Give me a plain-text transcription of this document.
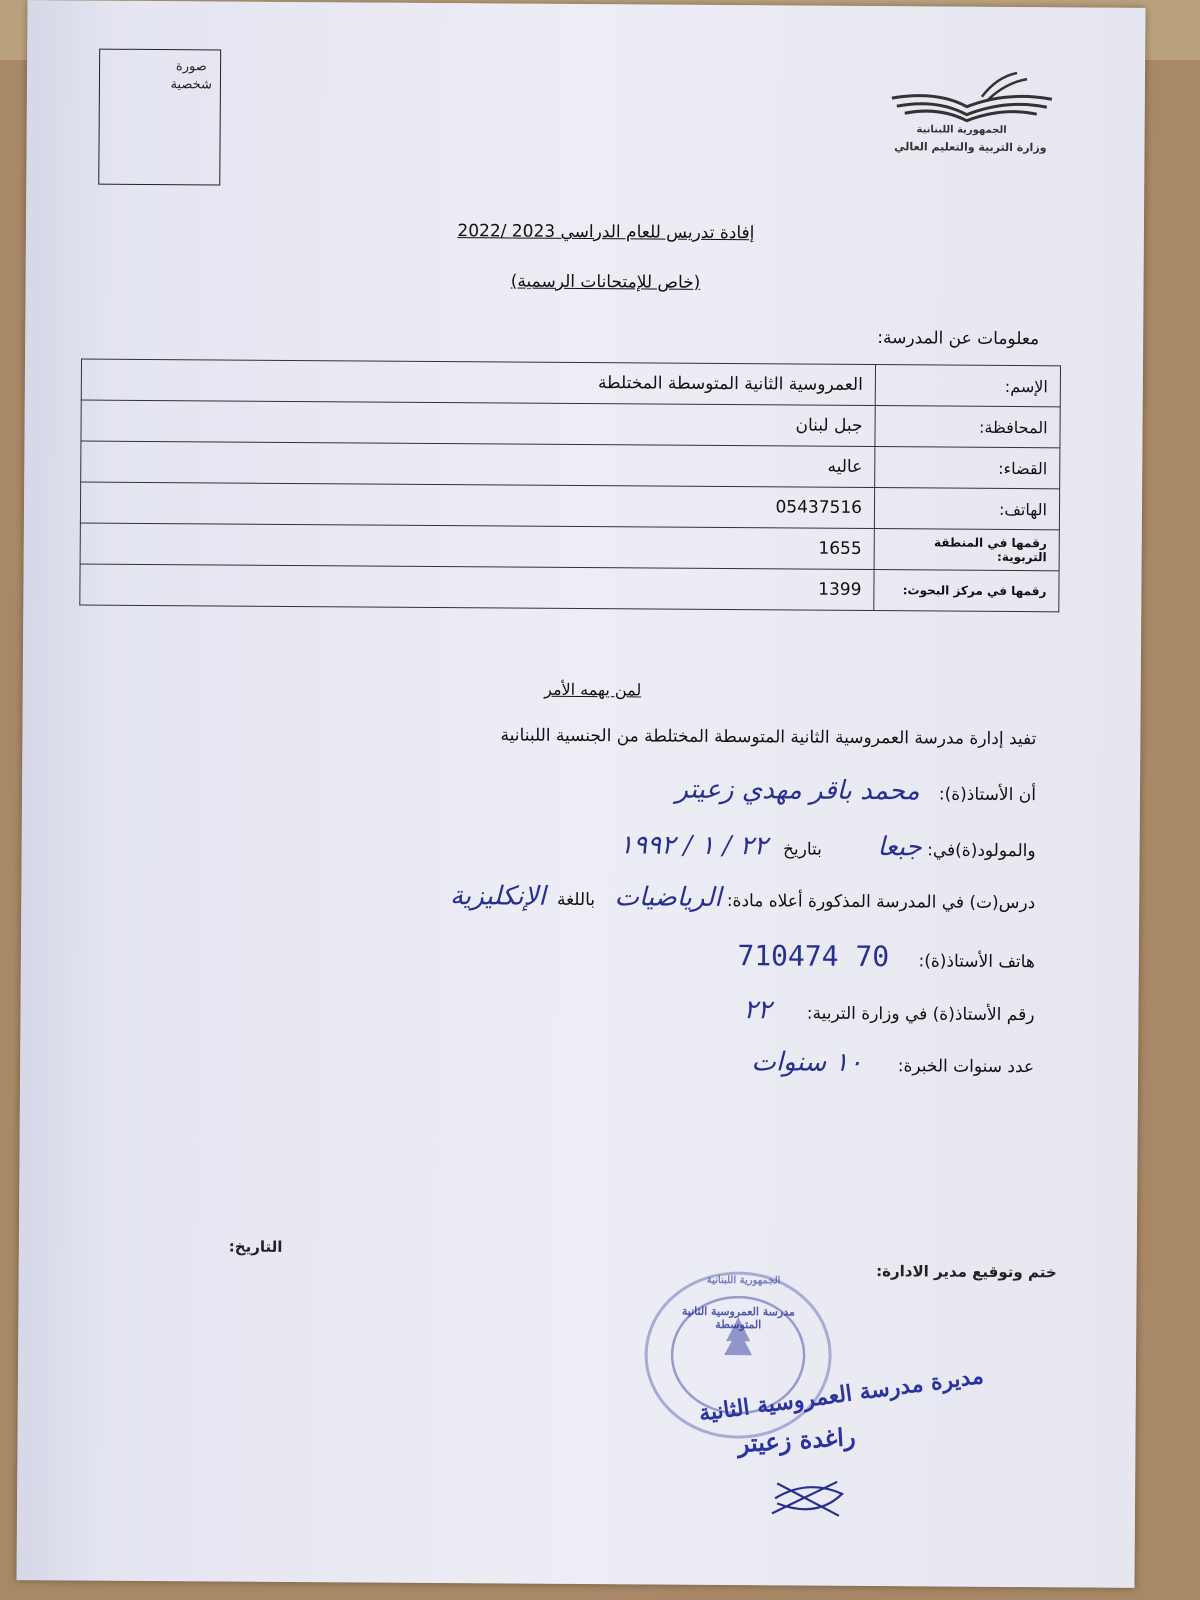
صورة
شخصية
الجمهورية اللبنانية
وزارة التربية والتعليم العالي
إفادة تدريس للعام الدراسي 2023 /2022
(خاص للإمتحانات الرسمية)
معلومات عن المدرسة:
الإسم:	العمروسية الثانية المتوسطة المختلطة
المحافظة:	جبل لبنان
القضاء:	عاليه
الهاتف:	05437516
رقمها في المنطقة التربوية:	1655
رقمها في مركز البحوث:	1399
لمن يهمه الأمر
تفيد إدارة مدرسة العمروسية الثانية المتوسطة المختلطة من الجنسية اللبنانية
أن الأستاذ(ة): محمد باقر مهدي زعيتر
والمولود(ة)في: جبعا بتاريخ ٢٢ / ١ / ١٩٩٢
درس(ت) في المدرسة المذكورة أعلاه مادة: الرياضيات باللغة الإنكليزية
هاتف الأستاذ(ة): 70 710474
رقم الأستاذ(ة) في وزارة التربية: ٢٢
عدد سنوات الخبرة: ١٠ سنوات
التاريخ:
ختم وتوقيع مدير الادارة:
مدرسة العمروسية الثانية المتوسطة
الجمهورية اللبنانية
مديرة مدرسة العمروسية الثانية
راغدة زعيتر
